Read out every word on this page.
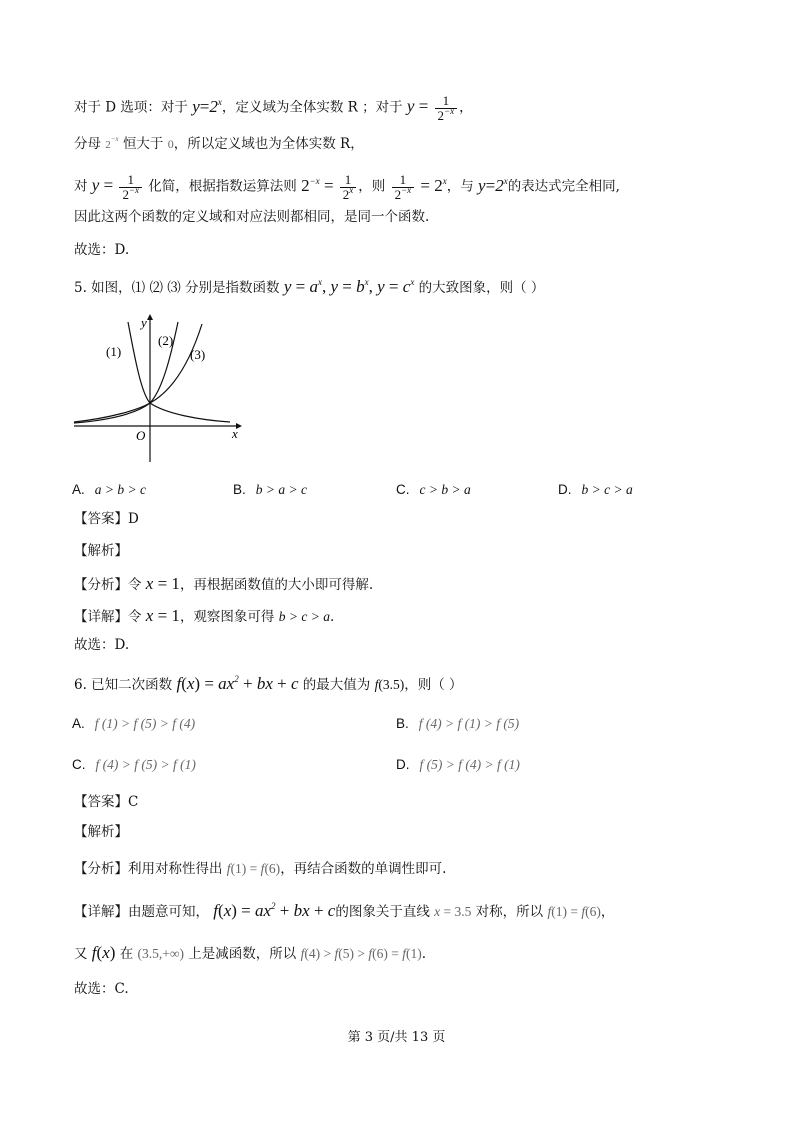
对于 D 选项：对于 $y=2^x$，定义域为全体实数 R ；对于 $y = \frac{1}{2^{-x}}$ ，
分母 $2^{-x}$ 恒大于 0，所以定义域也为全体实数 R，
对 $y = \frac{1}{2^{-x}}$ 化简，根据指数运算法则 $2^{-x} = \frac{1}{2^x}$ ，则 $\frac{1}{2^{-x}} = 2^x$，与 $y=2^x$的表达式完全相同,
因此这两个函数的定义域和对应法则都相同，是同一个函数.
故选：D.
5. 如图，⑴ ⑵ ⑶ 分别是指数函数 $y = a^x$, $y = b^x$, $y = c^x$ 的大致图象，则（ ）
(1)
(2)
(3)
y
x
O
A. a > b > c	B. b > a > c	C. c > b > a	D. b > c > a
【答案】D
【解析】
【分析】令 x = 1，再根据函数值的大小即可得解.
【详解】令 x = 1，观察图象可得 b > c > a.
故选：D.
6. 已知二次函数 $f(x) = ax^2$ + bx + c 的最大值为 f(3.5)，则（ ）
A. f (1) > f (5) > f (4)	B. f (4) > f (1) > f (5)
C. f (4) > f (5) > f (1)	D. f (5) > f (4) > f (1)
【答案】C
【解析】
【分析】利用对称性得出 f(1) = f(6)，再结合函数的单调性即可.
【详解】由题意可知， $f(x) = ax^2$ + bx + c的图象关于直线 x = 3.5 对称，所以 f(1) = f(6)，
又 f(x) 在 (3.5,+∞) 上是减函数，所以 f(4) > f(5) > f(6) = f(1).
故选：C.
第 3 页/共 13 页
